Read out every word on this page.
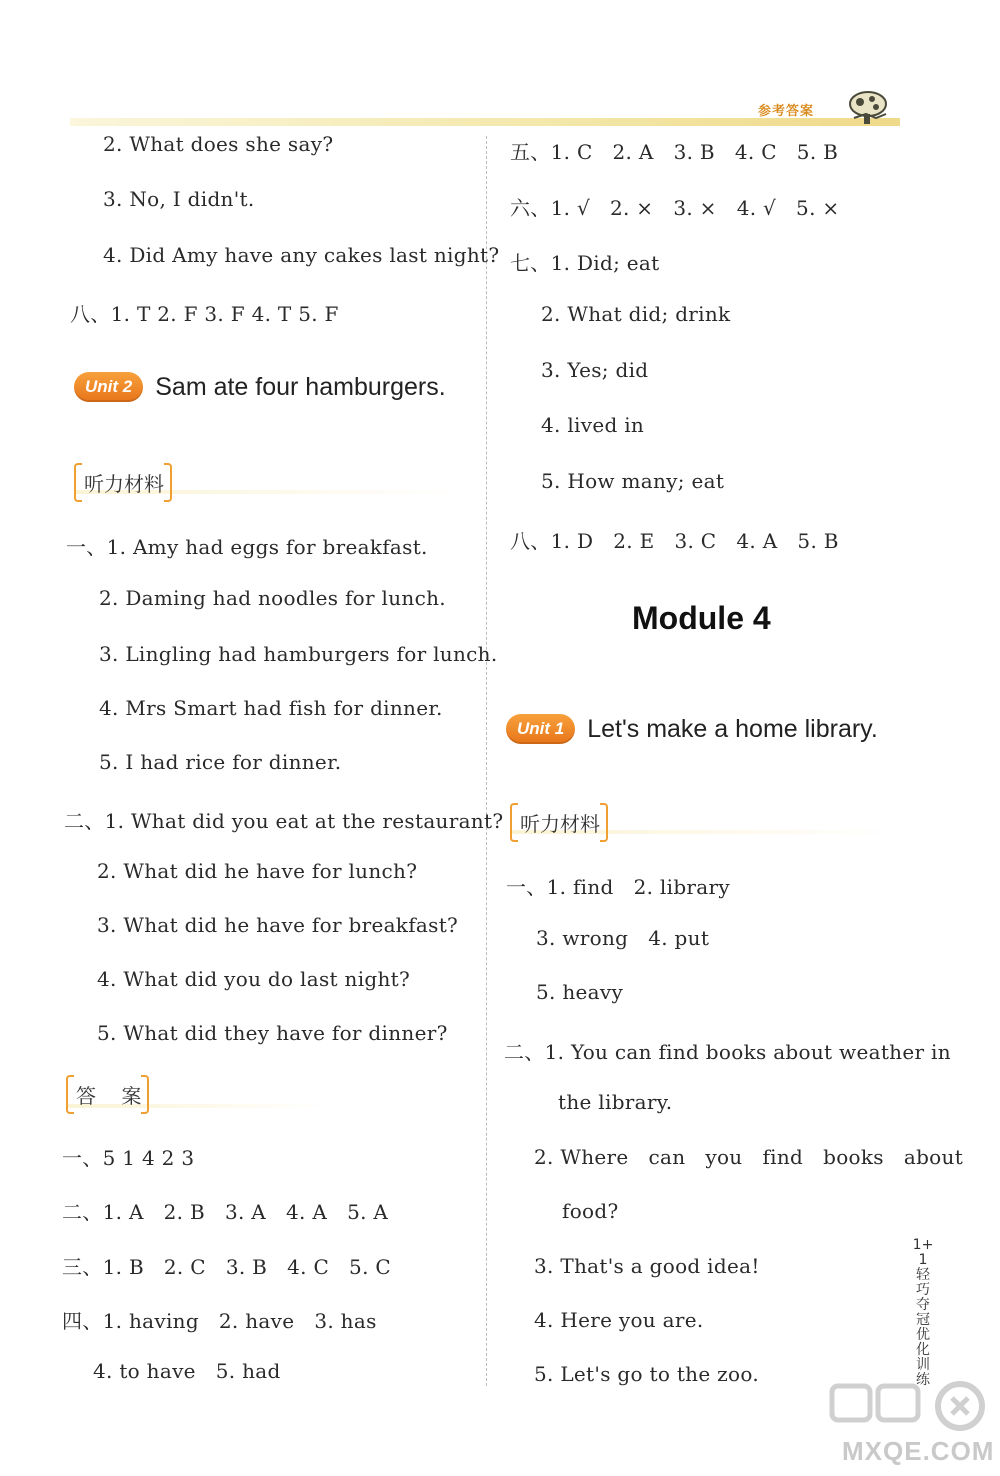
参考答案
2. What does she say?
3. No, I didn't.
4. Did Amy have any cakes last night?
八、1. T 2. F 3. F 4. T 5. F
Unit 2 Sam ate four hamburgers.
听力材料
一、1. Amy had eggs for breakfast.
2. Daming had noodles for lunch.
3. Lingling had hamburgers for lunch.
4. Mrs Smart had fish for dinner.
5. I had rice for dinner.
二、1. What did you eat at the restaurant?
2. What did he have for lunch?
3. What did he have for breakfast?
4. What did you do last night?
5. What did they have for dinner?
答    案
一、5 1 4 2 3
二、1. A   2. B   3. A   4. A   5. A
三、1. B   2. C   3. B   4. C   5. C
四、1. having   2. have   3. has
4. to have   5. had
五、1. C   2. A   3. B   4. C   5. B
六、1. √   2. ×   3. ×   4. √   5. ×
七、1. Did; eat
2. What did; drink
3. Yes; did
4. lived in
5. How many; eat
八、1. D   2. E   3. C   4. A   5. B
Module 4
Unit 1 Let's make a home library.
听力材料
一、1. find   2. library
3. wrong   4. put
5. heavy
二、1. You can find books about weather in
the library.
2. Where   can   you   find   books   about
food?
3. That's a good idea!
4. Here you are.
5. Let's go to the zoo.
1+1轻巧夺冠优化训练
MXQE.COM
